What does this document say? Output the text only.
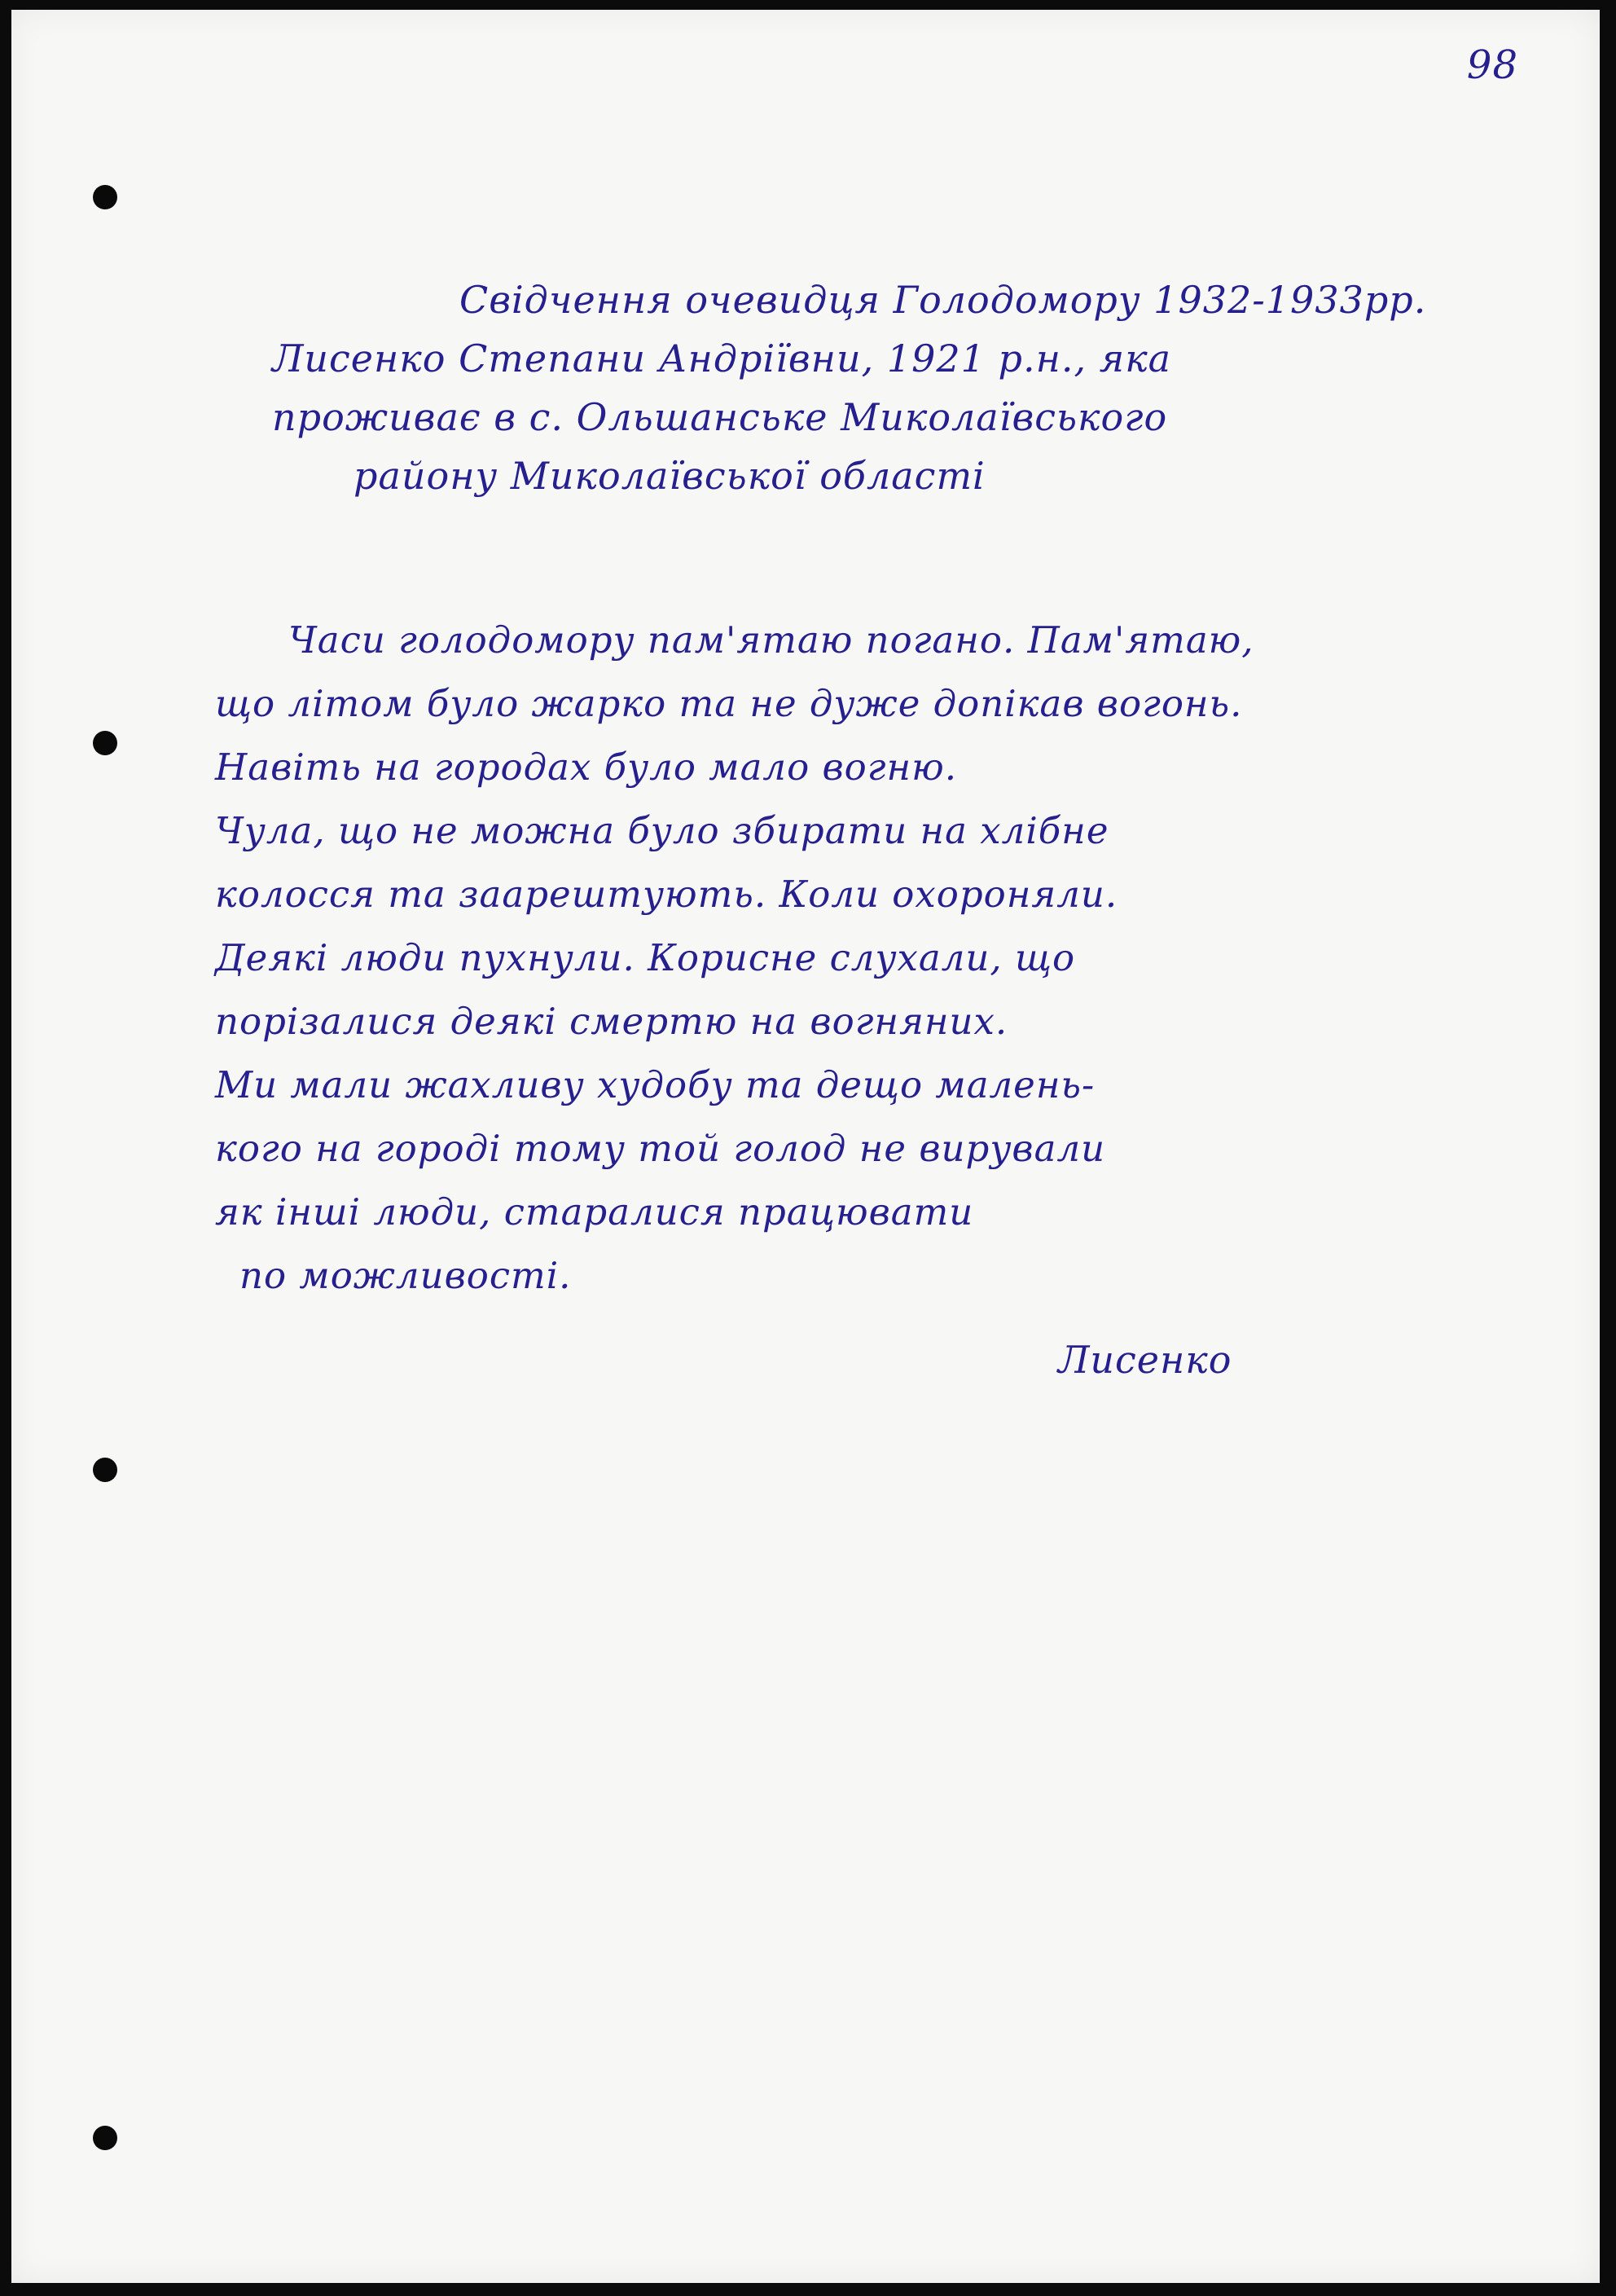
98
Свідчення очевидця Голодомору 1932-1933рр.
Лисенко Степани Андріївни, 1921 р.н., яка
проживає в с. Ольшанське Миколаївського
району Миколаївської області
Часи голодомору пам'ятаю погано. Пам'ятаю,
що літом було жарко та не дуже допікав вогонь.
Навіть на городах було мало вогню.
Чула, що не можна було збирати на хлібне
колосся та заарештують. Коли охороняли.
Деякі люди пухнули. Корисне слухали, що
порізалися деякі смертю на вогняних.
Ми мали жахливу худобу та дещо малень-
кого на городі тому той голод не вирували
як інші люди, старалися працювати
по можливості.
Лисенко
